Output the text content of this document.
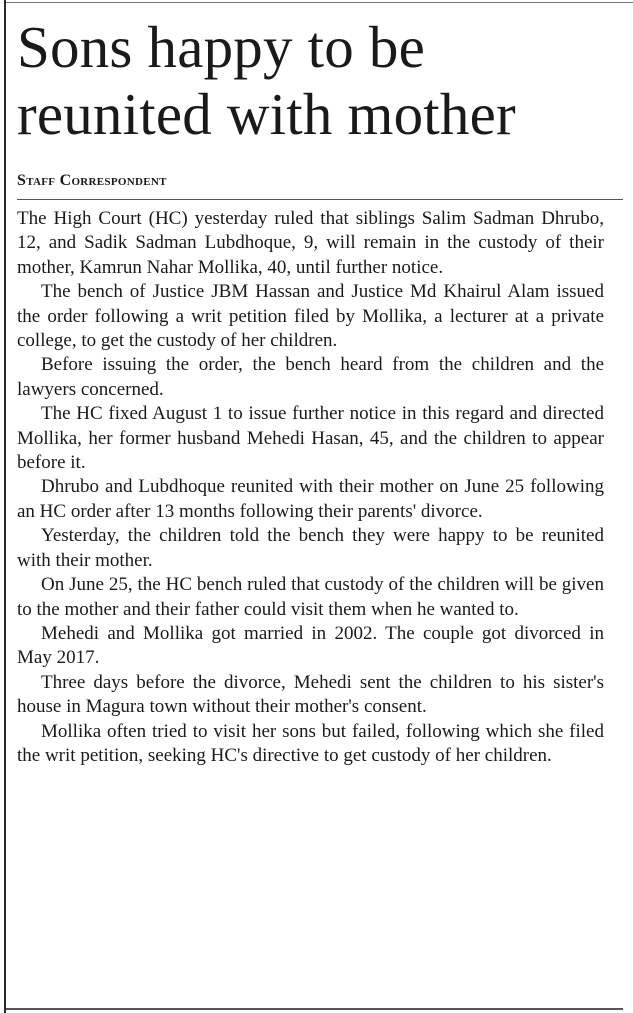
Sons happy to be
reunited with mother
Staff Correspondent

The High Court (HC) yesterday ruled that siblings Salim Sadman Dhrubo, 12, and Sadik Sadman Lubdhoque, 9, will remain in the custody of their mother, Kamrun Nahar Mollika, 40, until further notice.

The bench of Justice JBM Hassan and Justice Md Khairul Alam issued the order following a writ petition filed by Mollika, a lecturer at a private college, to get the custody of her children.

Before issuing the order, the bench heard from the children and the lawyers concerned.

The HC fixed August 1 to issue further notice in this regard and directed Mollika, her former husband Mehedi Hasan, 45, and the children to appear before it.

Dhrubo and Lubdhoque reunited with their mother on June 25 following an HC order after 13 months following their parents' divorce.

Yesterday, the children told the bench they were happy to be reunited with their mother.

On June 25, the HC bench ruled that custody of the children will be given to the mother and their father could visit them when he wanted to.

Mehedi and Mollika got married in 2002. The couple got divorced in May 2017.

Three days before the divorce, Mehedi sent the children to his sister's house in Magura town without their mother's consent.

Mollika often tried to visit her sons but failed, following which she filed the writ petition, seeking HC's directive to get custody of her children.
